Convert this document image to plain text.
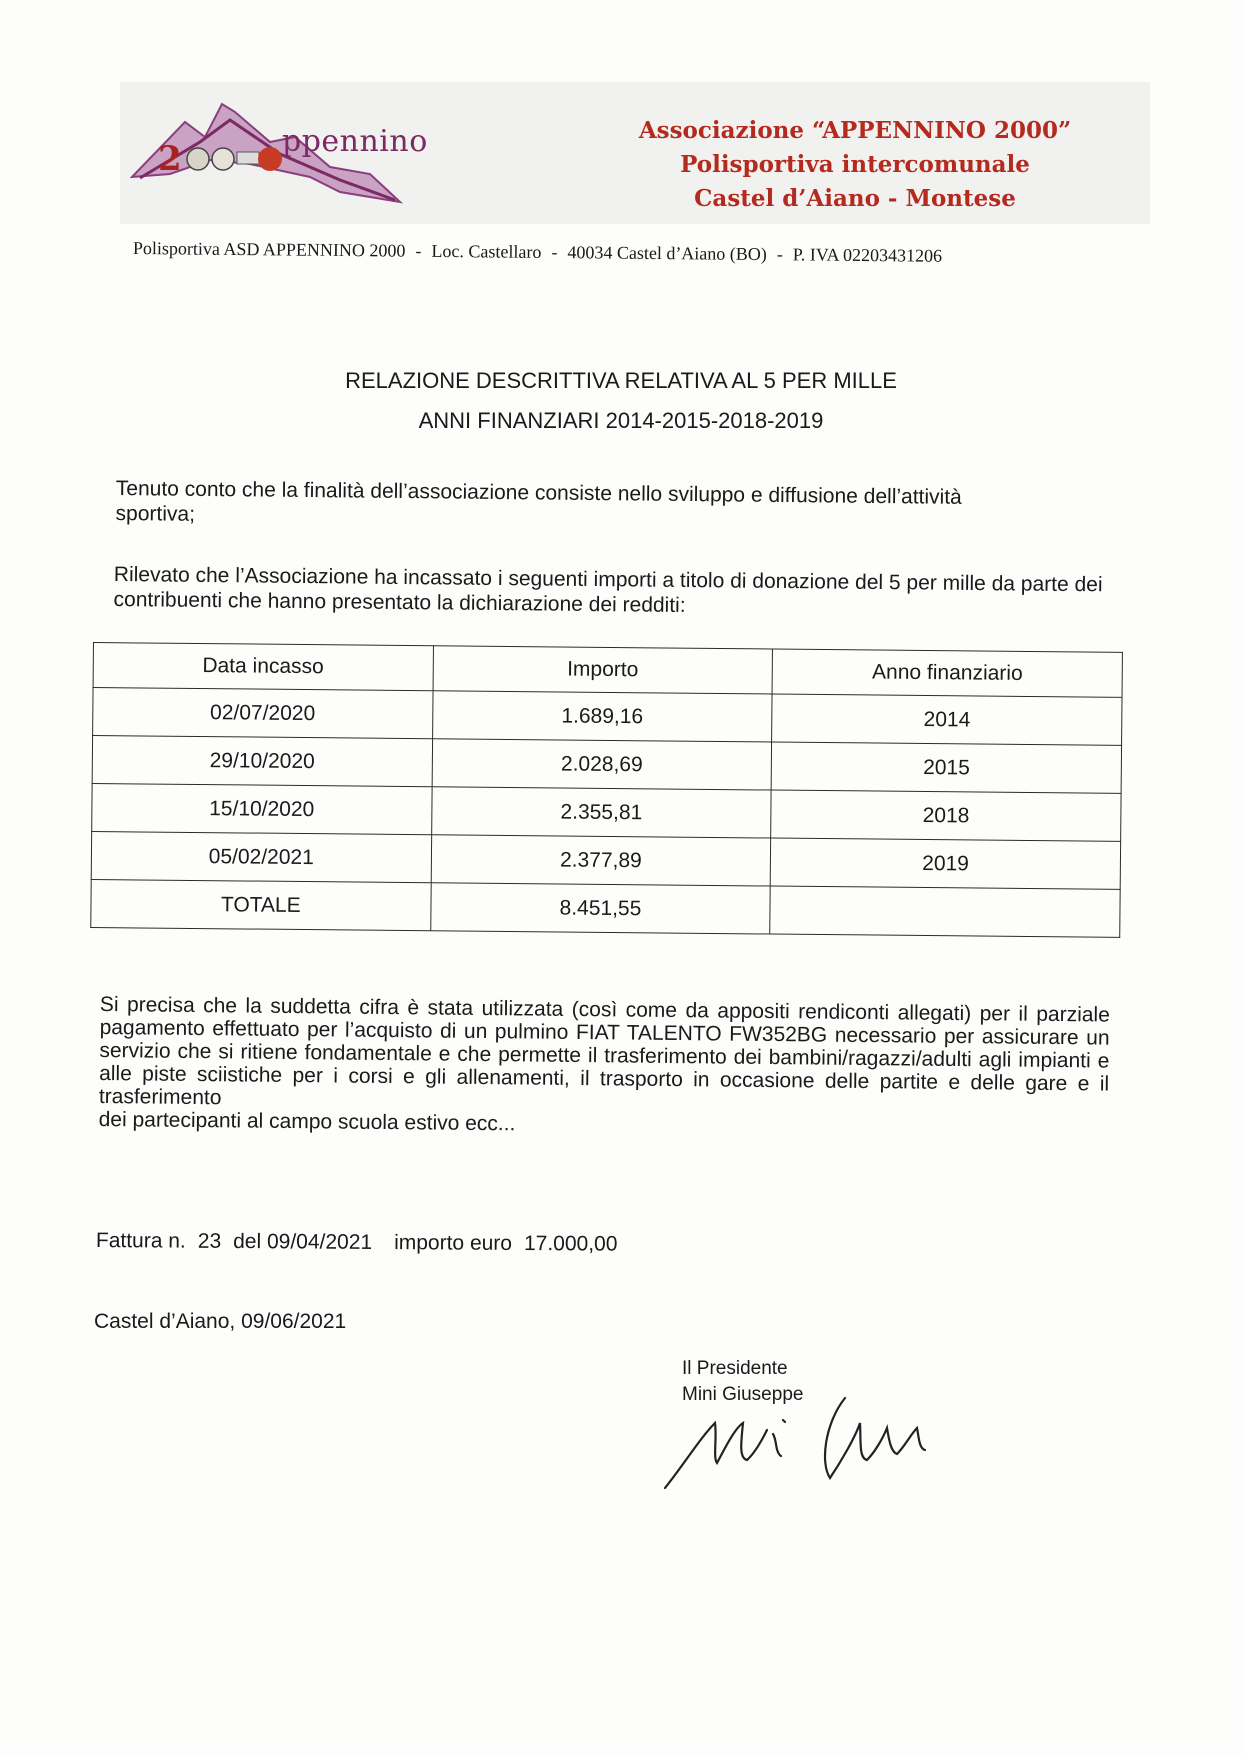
2	ppennino	Associazione “APPENNINO 2000”
Polisportiva intercomunale
Castel d’Aiano - Montese
Polisportiva ASD APPENNINO 2000 - Loc. Castellaro - 40034 Castel d’Aiano (BO) - P. IVA 02203431206
RELAZIONE DESCRITTIVA RELATIVA AL 5 PER MILLE
ANNI FINANZIARI 2014-2015-2018-2019
Tenuto conto che la finalità dell’associazione consiste nello sviluppo e diffusione dell’attività sportiva;
Rilevato che l’Associazione ha incassato i seguenti importi a titolo di donazione del 5 per mille da parte dei contribuenti che hanno presentato la dichiarazione dei redditi:
Data incasso	Importo	Anno finanziario
02/07/2020	1.689,16	2014
29/10/2020	2.028,69	2015
15/10/2020	2.355,81	2018
05/02/2021	2.377,89	2019
TOTALE	8.451,55	
Si precisa che la suddetta cifra è stata utilizzata (così come da appositi rendiconti allegati) per il parziale pagamento effettuato per l’acquisto di un pulmino FIAT TALENTO FW352BG necessario per assicurare un servizio che si ritiene fondamentale e che permette il trasferimento dei bambini/ragazzi/adulti agli impianti e alle piste sciistiche per i corsi e gli allenamenti, il trasporto in occasione delle partite e delle gare e il trasferimento
dei partecipanti al campo scuola estivo ecc...
Fattura n. 23 del 09/04/2021 importo euro 17.000,00
Castel d’Aiano, 09/06/2021
Il Presidente
Mini Giuseppe
